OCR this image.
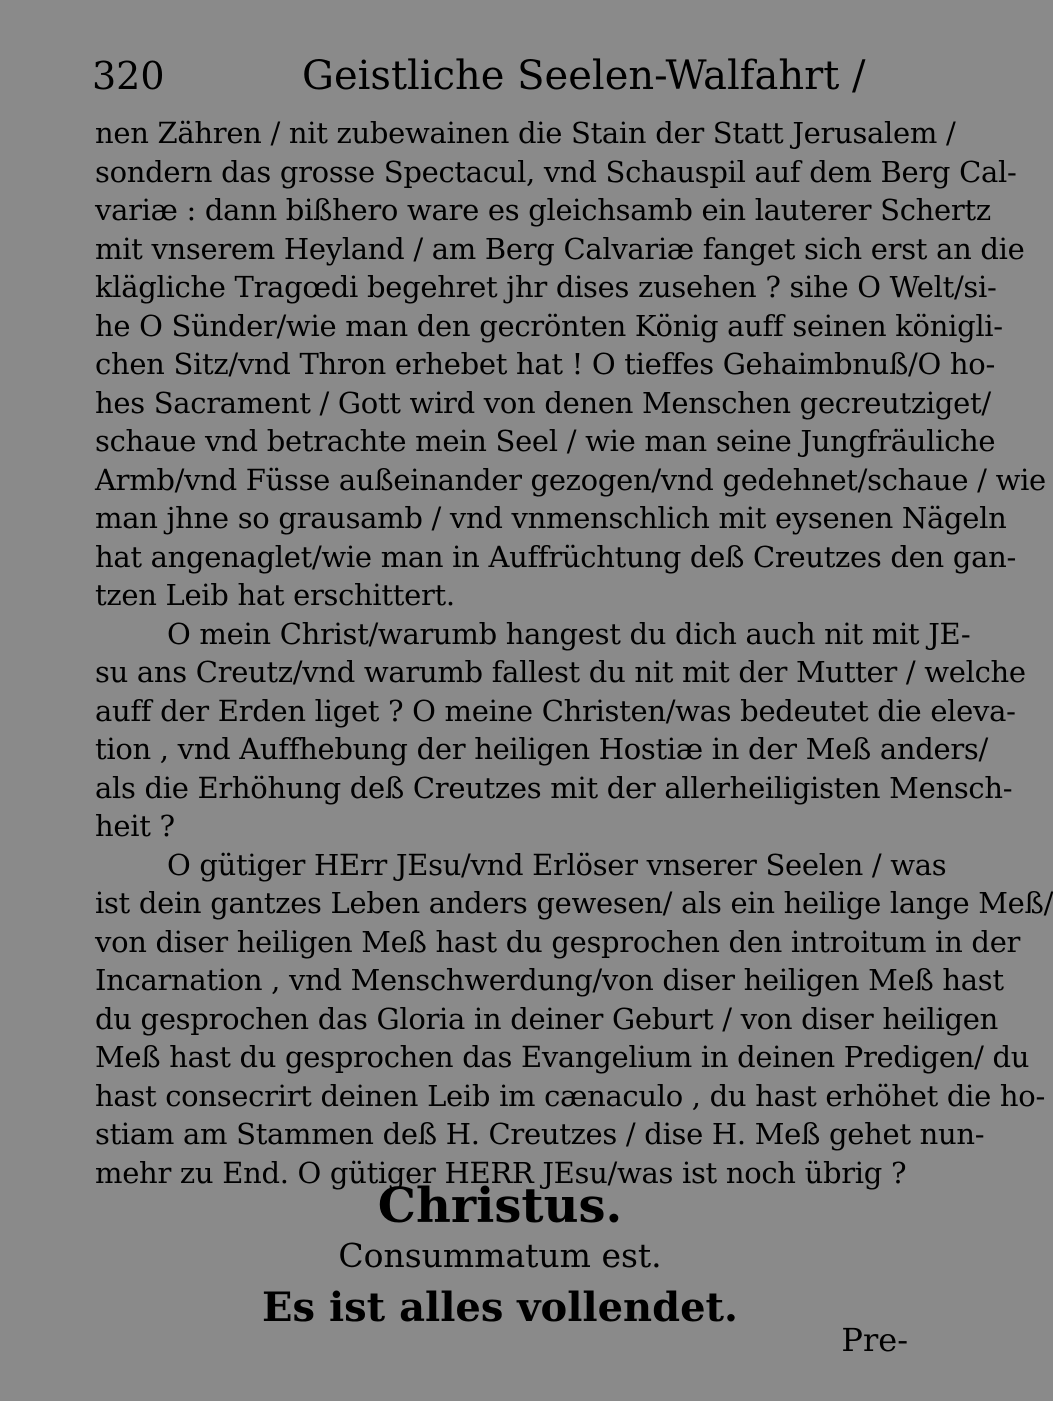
320	Geistliche Seelen-Walfahrt /
nen Zähren / nit zubewainen die Stain der Statt Jerusalem /
sondern das grosse Spectacul, vnd Schauspil auf dem Berg Cal-
variæ : dann bißhero ware es gleichsamb ein lauterer Schertz
mit vnserem Heyland / am Berg Calvariæ fanget sich erst an die
klägliche Tragœdi begehret jhr dises zusehen ? sihe O Welt/si-
he O Sünder/wie man den gecrönten König auff seinen königli-
chen Sitz/vnd Thron erhebet hat ! O tieffes Gehaimbnuß/O ho-
hes Sacrament / Gott wird von denen Menschen gecreutziget/
schaue vnd betrachte mein Seel / wie man seine Jungfräuliche
Armb/vnd Füsse außeinander gezogen/vnd gedehnet/schaue / wie
man jhne so grausamb / vnd vnmenschlich mit eysenen Nägeln
hat angenaglet/wie man in Auffrüchtung deß Creutzes den gan-
tzen Leib hat erschittert.
O mein Christ/warumb hangest du dich auch nit mit JE-
su ans Creutz/vnd warumb fallest du nit mit der Mutter / welche
auff der Erden liget ? O meine Christen/was bedeutet die eleva-
tion , vnd Auffhebung der heiligen Hostiæ in der Meß anders/
als die Erhöhung deß Creutzes mit der allerheiligisten Mensch-
heit ?
O gütiger HErr JEsu/vnd Erlöser vnserer Seelen / was
ist dein gantzes Leben anders gewesen/ als ein heilige lange Meß/
von diser heiligen Meß hast du gesprochen den introitum in der
Incarnation , vnd Menschwerdung/von diser heiligen Meß hast
du gesprochen das Gloria in deiner Geburt / von diser heiligen
Meß hast du gesprochen das Evangelium in deinen Predigen/ du
hast consecrirt deinen Leib im cænaculo , du hast erhöhet die ho-
stiam am Stammen deß H. Creutzes / dise H. Meß gehet nun-
mehr zu End. O gütiger HERR JEsu/was ist noch übrig ?
Christus.
Consummatum est.
Es ist alles vollendet.
Pre-
